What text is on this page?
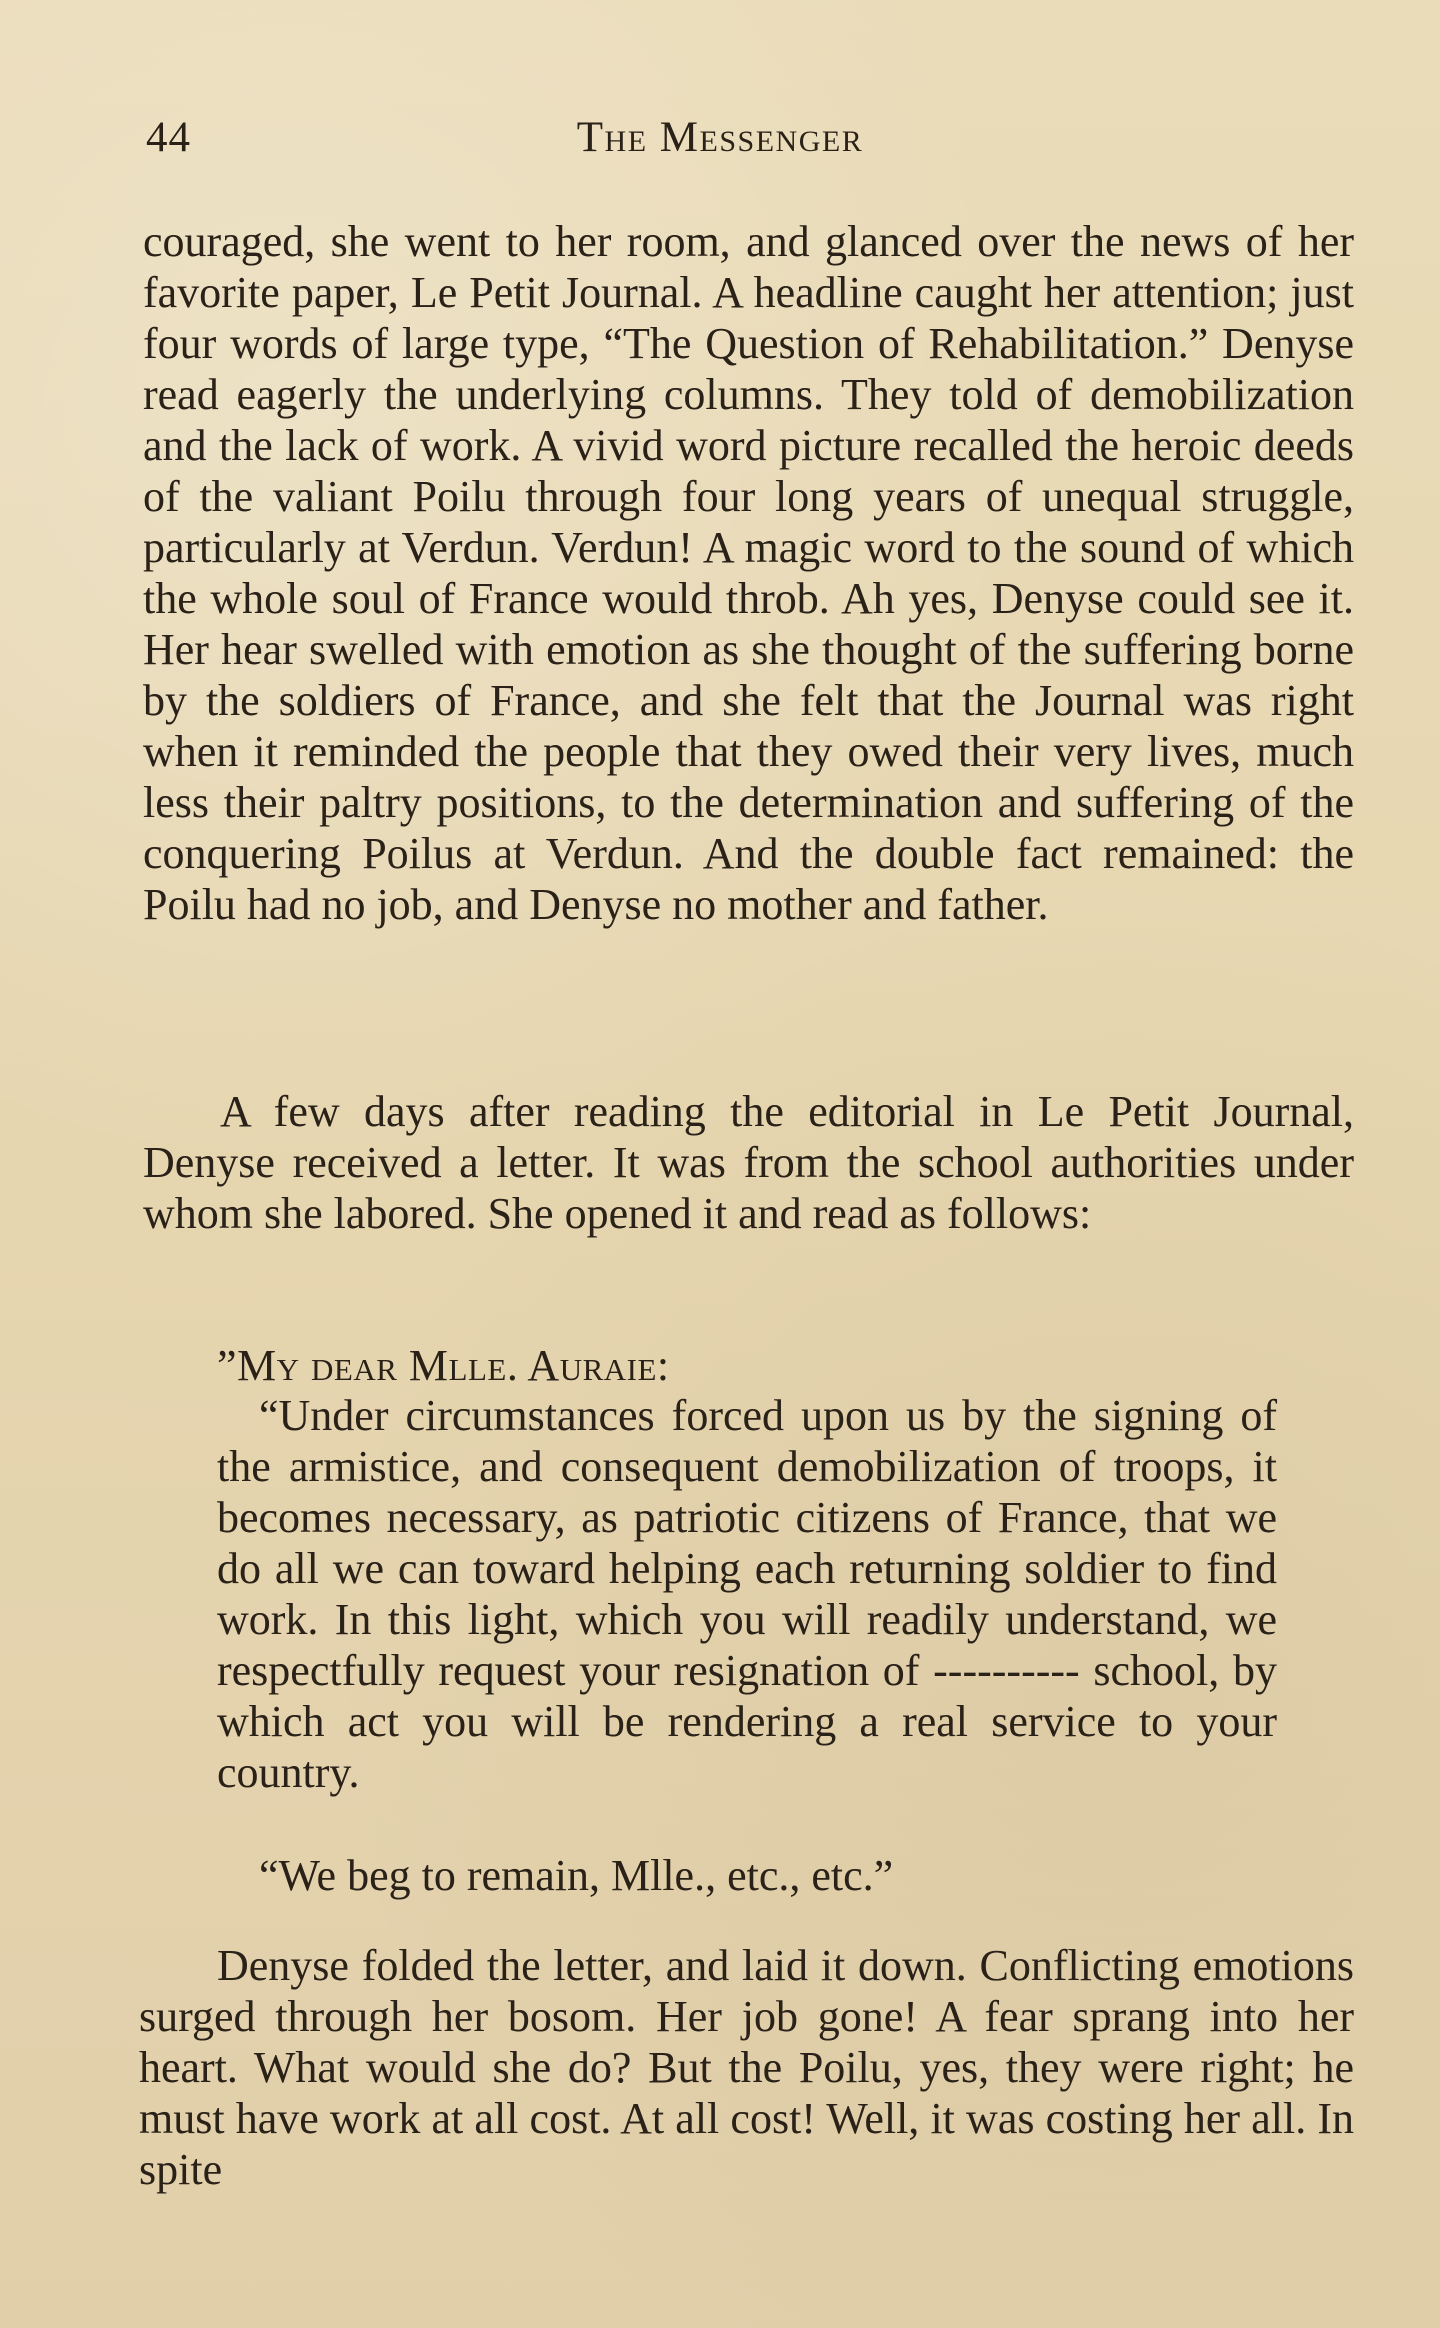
44	The Messenger

couraged, she went to her room, and glanced over the news of her favorite paper, Le Petit Journal. A headline caught her attention; just four words of large type, “The Question of Rehabilitation.” Denyse read eagerly the underlying columns. They told of demobilization and the lack of work. A vivid word picture recalled the heroic deeds of the valiant Poilu through four long years of unequal struggle, particularly at Verdun. Verdun! A magic word to the sound of which the whole soul of France would throb. Ah yes, Denyse could see it. Her hear swelled with emotion as she thought of the suffering borne by the soldiers of France, and she felt that the Journal was right when it reminded the people that they owed their very lives, much less their paltry positions, to the determination and suffering of the conquering Poilus at Verdun. And the double fact remained: the Poilu had no job, and Denyse no mother and father.

A few days after reading the editorial in Le Petit Journal, Denyse received a letter. It was from the school authorities under whom she labored. She opened it and read as follows:

”My dear Mlle. Auraie:

“Under circumstances forced upon us by the signing of the armistice, and consequent demobilization of troops, it becomes necessary, as patriotic citizens of France, that we do all we can toward helping each returning soldier to find work. In this light, which you will readily understand, we respectfully request your resignation of ---------- school, by which act you will be rendering a real service to your country.

“We beg to remain, Mlle., etc., etc.”

Denyse folded the letter, and laid it down. Conflicting emotions surged through her bosom. Her job gone! A fear sprang into her heart. What would she do? But the Poilu, yes, they were right; he must have work at all cost. At all cost! Well, it was costing her all. In spite
